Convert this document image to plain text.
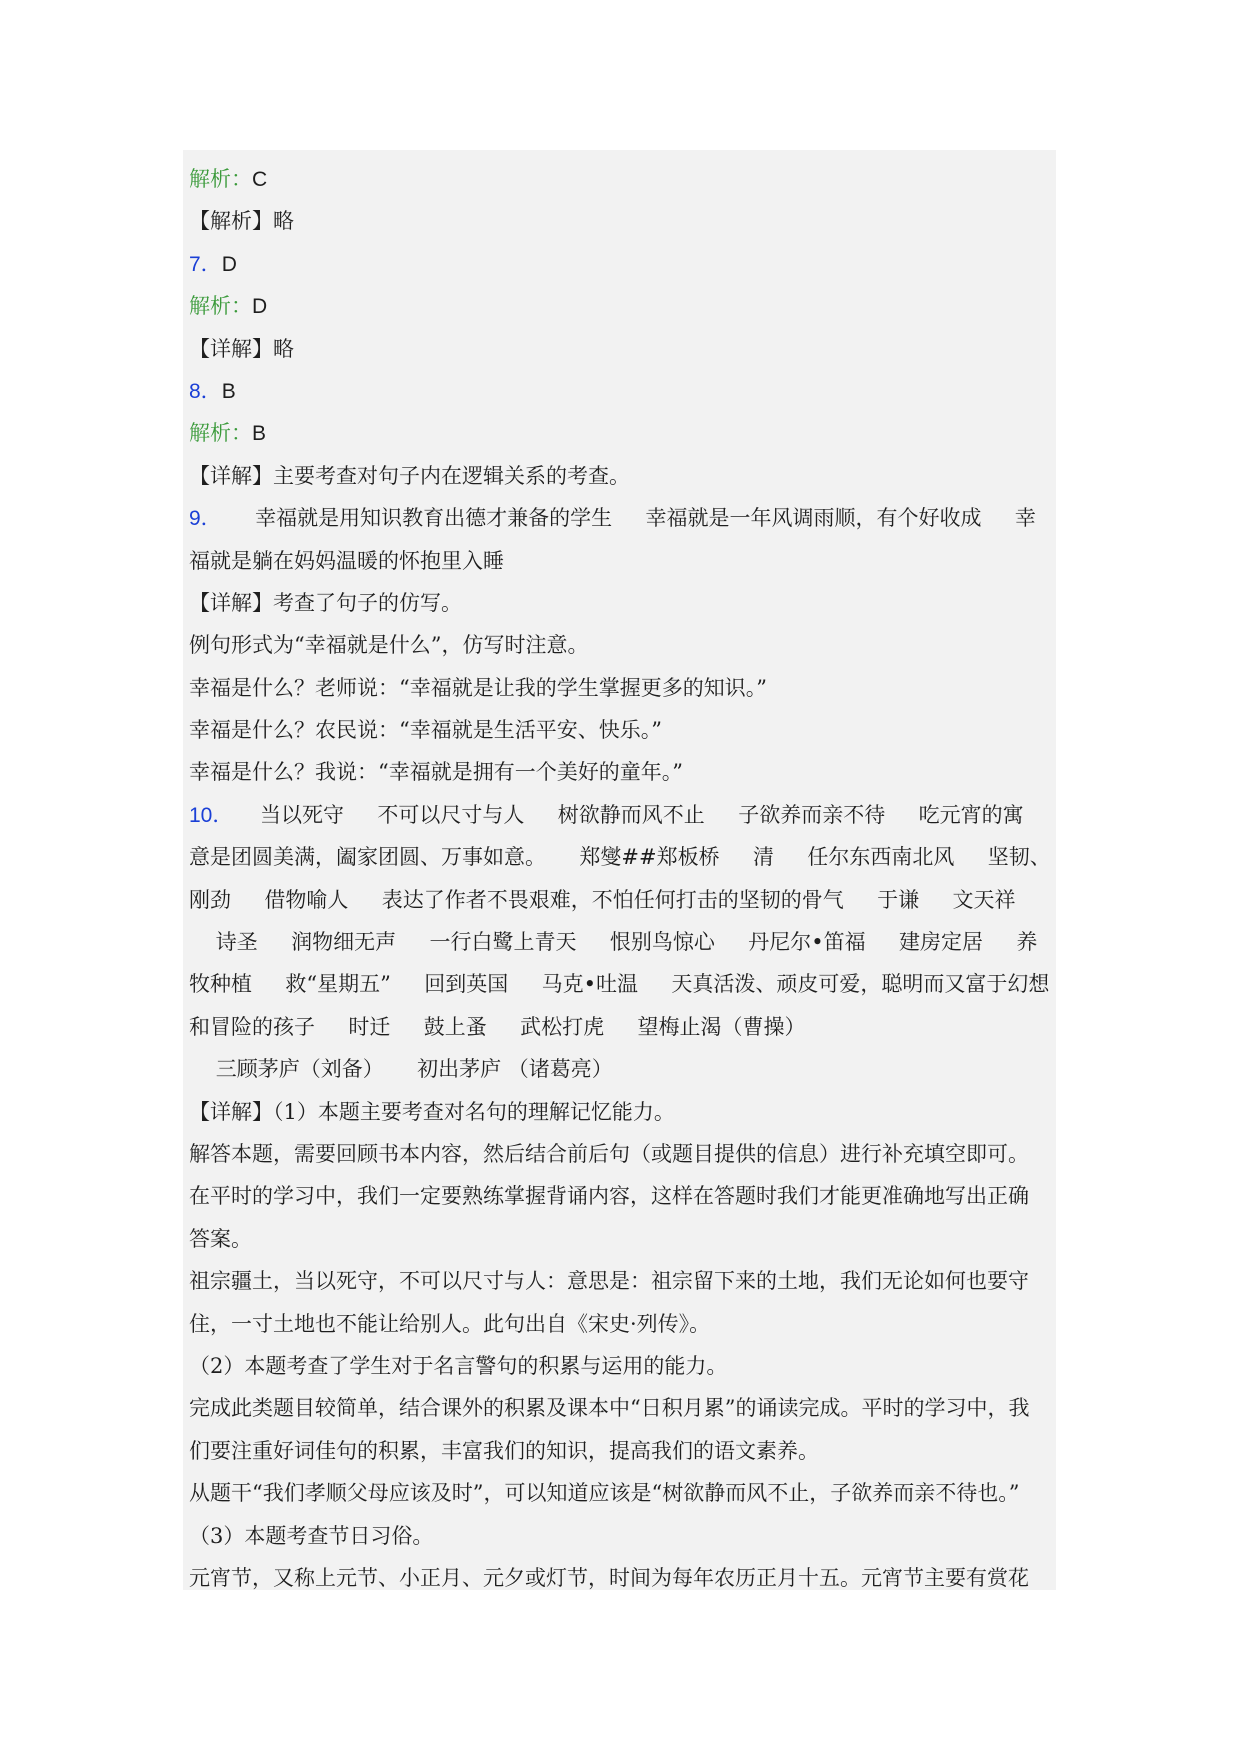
解析：C
【解析】略
7．D
解析：D
【详解】略
8．B
解析：B
【详解】主要考查对句子内在逻辑关系的考查。
9．     幸福就是用知识教育出德才兼备的学生     幸福就是一年风调雨顺，有个好收成     幸
福就是躺在妈妈温暖的怀抱里入睡
【详解】考查了句子的仿写。
例句形式为“幸福就是什么”，仿写时注意。
幸福是什么？老师说：“幸福就是让我的学生掌握更多的知识。”
幸福是什么？农民说：“幸福就是生活平安、快乐。”
幸福是什么？我说：“幸福就是拥有一个美好的童年。”
10．    当以死守     不可以尺寸与人     树欲静而风不止     子欲养而亲不待     吃元宵的寓
意是团圆美满，阖家团圆、万事如意。     郑燮##郑板桥     清     任尔东西南北风     坚韧、
刚劲     借物喻人     表达了作者不畏艰难，不怕任何打击的坚韧的骨气     于谦     文天祥
诗圣     润物细无声     一行白鹭上青天     恨别鸟惊心     丹尼尔•笛福     建房定居     养
牧种植     救“星期五”     回到英国     马克•吐温     天真活泼、顽皮可爱，聪明而又富于幻想
和冒险的孩子     时迁     鼓上蚤     武松打虎     望梅止渴（曹操）
三顾茅庐（刘备）     初出茅庐 （诸葛亮）
【详解】（1）本题主要考查对名句的理解记忆能力。
解答本题，需要回顾书本内容，然后结合前后句（或题目提供的信息）进行补充填空即可。
在平时的学习中，我们一定要熟练掌握背诵内容，这样在答题时我们才能更准确地写出正确
答案。
祖宗疆土，当以死守，不可以尺寸与人：意思是：祖宗留下来的土地，我们无论如何也要守
住，一寸土地也不能让给别人。此句出自《宋史·列传》。
（2）本题考查了学生对于名言警句的积累与运用的能力。
完成此类题目较简单，结合课外的积累及课本中“日积月累”的诵读完成。平时的学习中，我
们要注重好词佳句的积累，丰富我们的知识，提高我们的语文素养。
从题干“我们孝顺父母应该及时”，可以知道应该是“树欲静而风不止，子欲养而亲不待也。”
（3）本题考查节日习俗。
元宵节，又称上元节、小正月、元夕或灯节，时间为每年农历正月十五。元宵节主要有赏花
